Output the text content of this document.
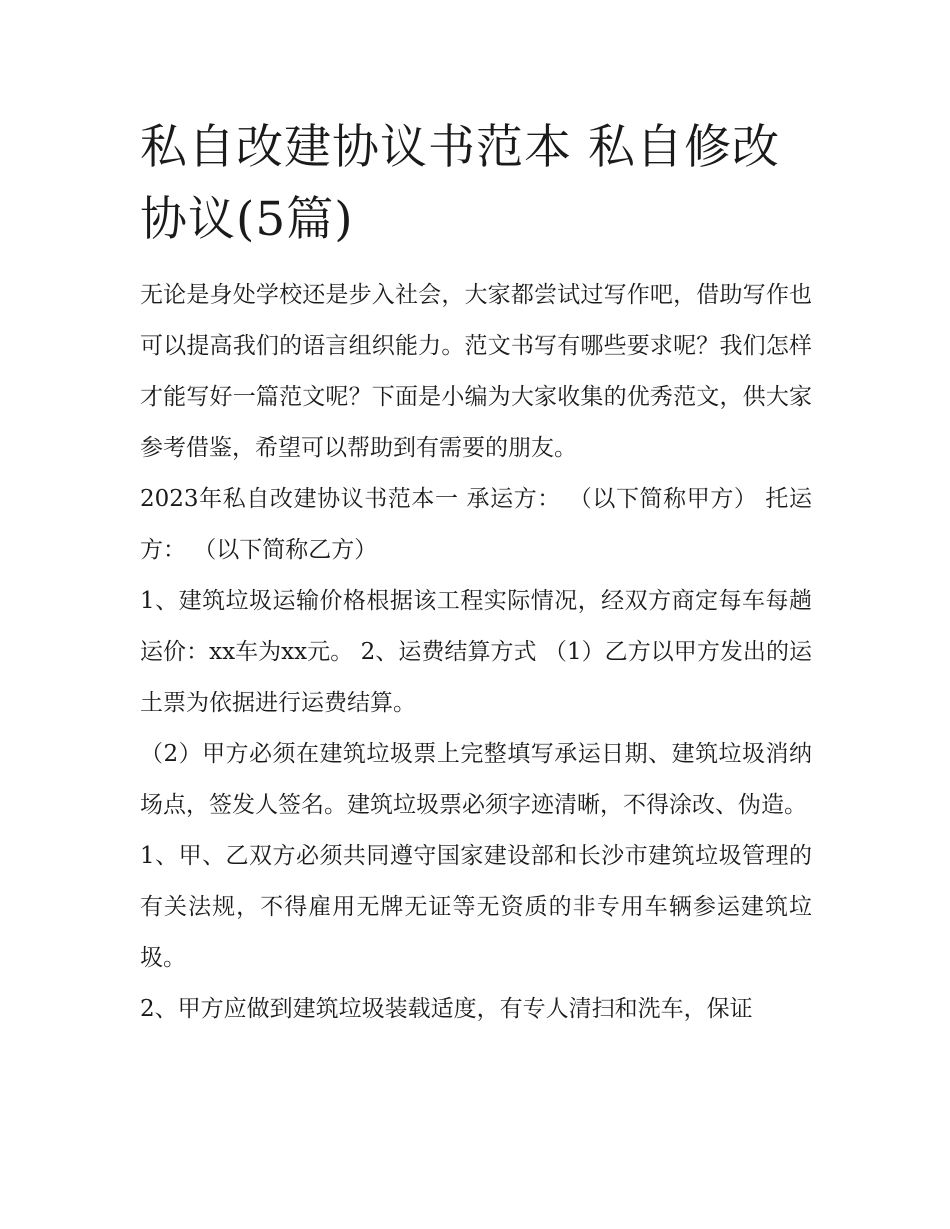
私自改建协议书范本 私自修改协议(5篇)

无论是身处学校还是步入社会，大家都尝试过写作吧，借助写作也可以提高我们的语言组织能力。范文书写有哪些要求呢？我们怎样才能写好一篇范文呢？下面是小编为大家收集的优秀范文，供大家参考借鉴，希望可以帮助到有需要的朋友。

2023年私自改建协议书范本一 承运方： （以下简称甲方） 托运方： （以下简称乙方）

1、建筑垃圾运输价格根据该工程实际情况，经双方商定每车每趟运价：xx车为xx元。 2、运费结算方式 （1）乙方以甲方发出的运土票为依据进行运费结算。

（2）甲方必须在建筑垃圾票上完整填写承运日期、建筑垃圾消纳场点，签发人签名。建筑垃圾票必须字迹清晰，不得涂改、伪造。

1、甲、乙双方必须共同遵守国家建设部和长沙市建筑垃圾管理的有关法规，不得雇用无牌无证等无资质的非专用车辆参运建筑垃圾。

2、甲方应做到建筑垃圾装载适度，有专人清扫和洗车，保证
